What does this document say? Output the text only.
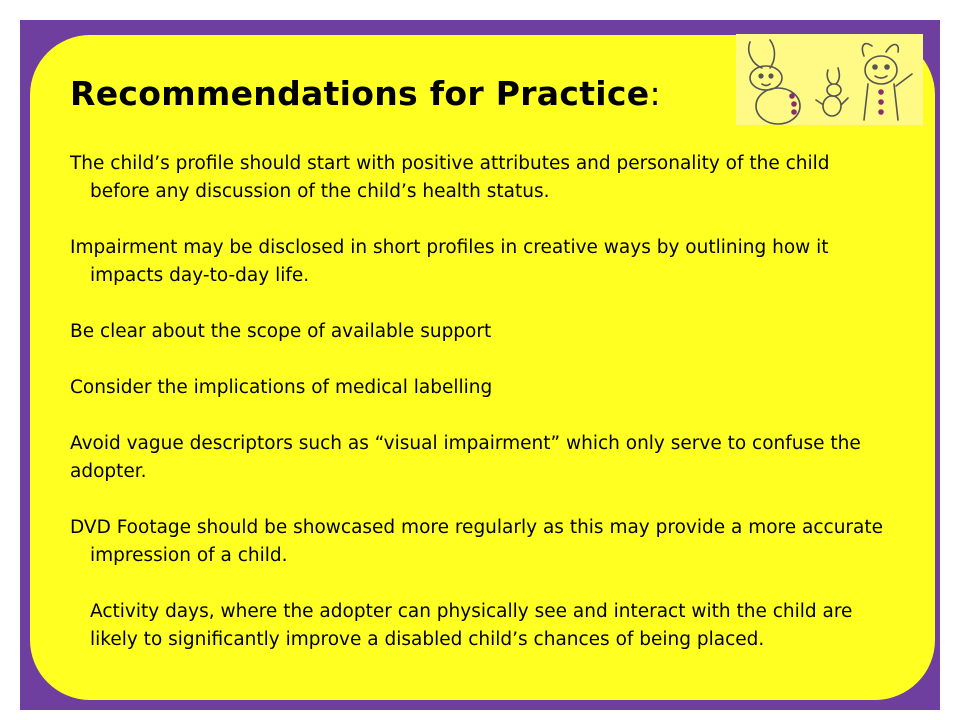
Recommendations for Practice:

The child’s profile should start with positive attributes and personality of the child before any discussion of the child’s health status.

Impairment may be disclosed in short profiles in creative ways by outlining how it impacts day-to-day life.

Be clear about the scope of available support

Consider the implications of medical labelling

Avoid vague descriptors such as “visual impairment” which only serve to confuse the adopter.

DVD Footage should be showcased more regularly as this may provide a more accurate impression of a child.

Activity days, where the adopter can physically see and interact with the child are likely to significantly improve a disabled child’s chances of being placed.
